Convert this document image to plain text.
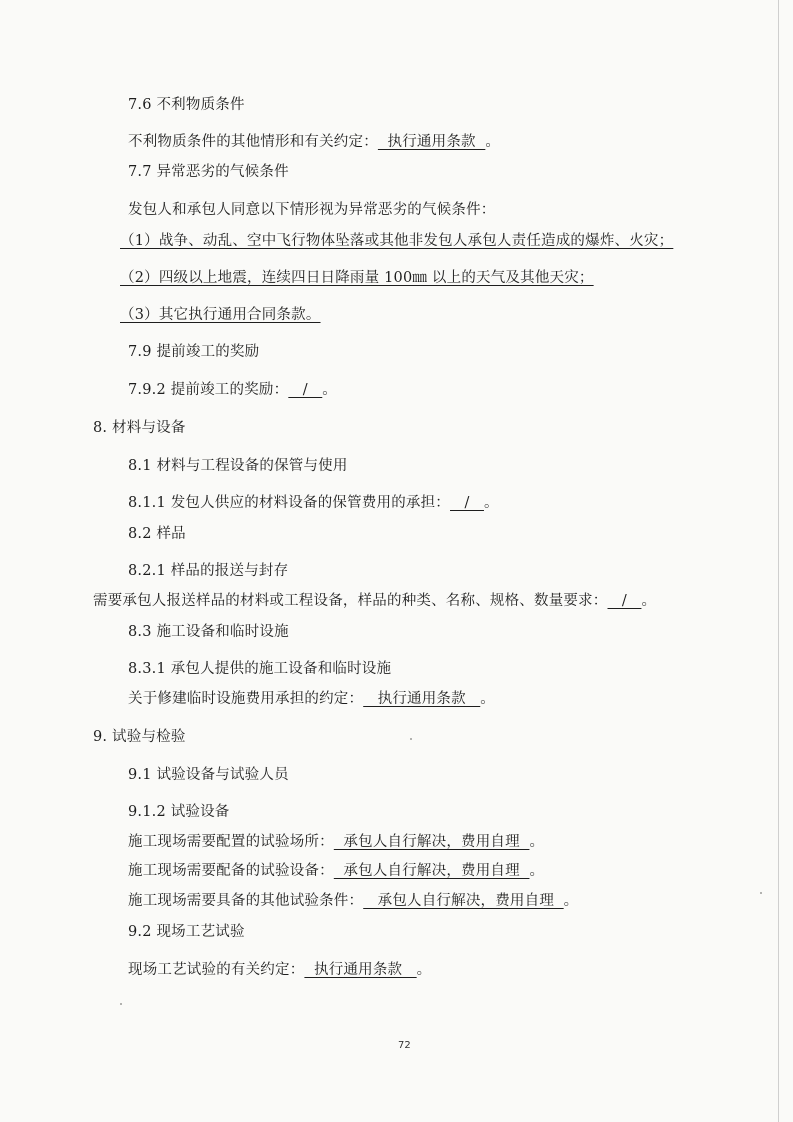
7.6 不利物质条件
不利物质条件的其他情形和有关约定：  执行通用条款  。
7.7 异常恶劣的气候条件
发包人和承包人同意以下情形视为异常恶劣的气候条件：
（1）战争、动乱、空中飞行物体坠落或其他非发包人承包人责任造成的爆炸、火灾；
（2）四级以上地震，连续四日日降雨量 100㎜ 以上的天气及其他天灾；
（3）其它执行通用合同条款。
7.9 提前竣工的奖励
7.9.2 提前竣工的奖励：   /   。
8. 材料与设备
8.1 材料与工程设备的保管与使用
8.1.1 发包人供应的材料设备的保管费用的承担：   /   。
8.2 样品
8.2.1 样品的报送与封存
需要承包人报送样品的材料或工程设备，样品的种类、名称、规格、数量要求：   /   。
8.3 施工设备和临时设施
8.3.1 承包人提供的施工设备和临时设施
关于修建临时设施费用承担的约定：   执行通用条款   。
9. 试验与检验
9.1 试验设备与试验人员
9.1.2 试验设备
施工现场需要配置的试验场所：  承包人自行解决，费用自理  。
施工现场需要配备的试验设备：  承包人自行解决，费用自理  。
施工现场需要具备的其他试验条件：   承包人自行解决，费用自理  。
9.2 现场工艺试验
现场工艺试验的有关约定：  执行通用条款   。
72
